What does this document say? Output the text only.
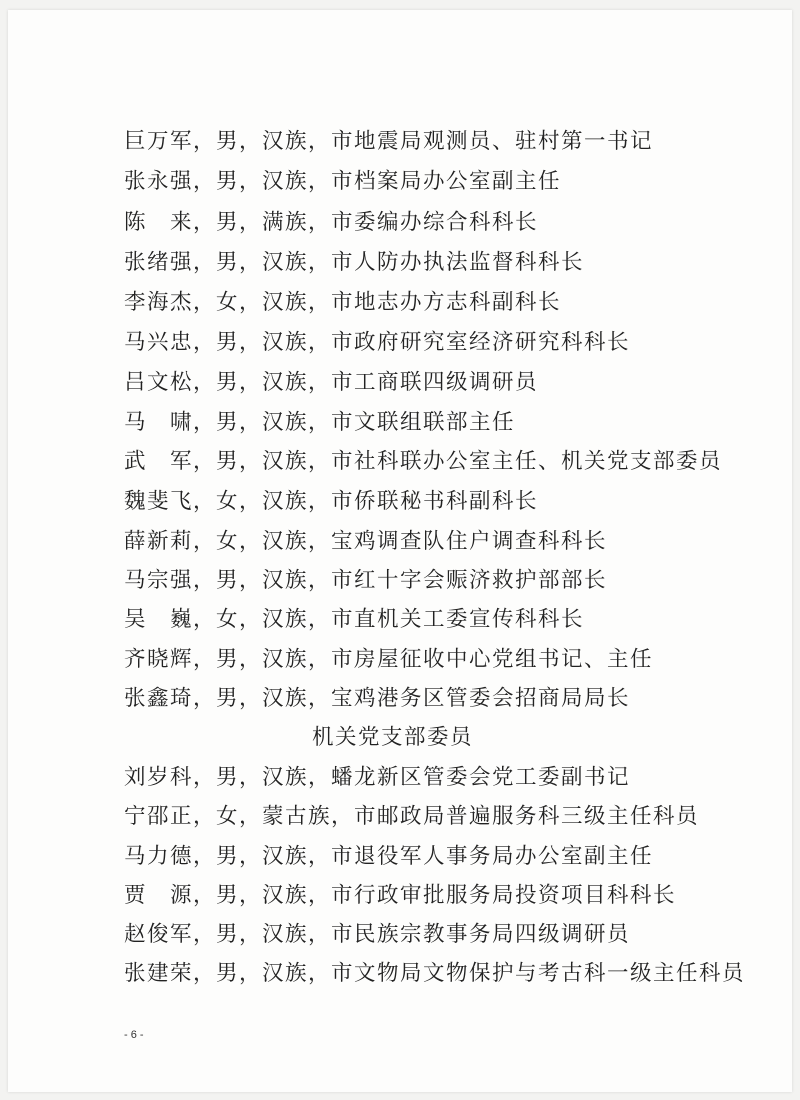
巨万军，男，汉族，市地震局观测员、驻村第一书记
张永强，男，汉族，市档案局办公室副主任
陈　来，男，满族，市委编办综合科科长
张绪强，男，汉族，市人防办执法监督科科长
李海杰，女，汉族，市地志办方志科副科长
马兴忠，男，汉族，市政府研究室经济研究科科长
吕文松，男，汉族，市工商联四级调研员
马　啸，男，汉族，市文联组联部主任
武　军，男，汉族，市社科联办公室主任、机关党支部委员
魏斐飞，女，汉族，市侨联秘书科副科长
薛新莉，女，汉族，宝鸡调查队住户调查科科长
马宗强，男，汉族，市红十字会赈济救护部部长
吴　巍，女，汉族，市直机关工委宣传科科长
齐晓辉，男，汉族，市房屋征收中心党组书记、主任
张鑫琦，男，汉族，宝鸡港务区管委会招商局局长
机关党支部委员
刘岁科，男，汉族，蟠龙新区管委会党工委副书记
宁邵正，女，蒙古族，市邮政局普遍服务科三级主任科员
马力德，男，汉族，市退役军人事务局办公室副主任
贾　源，男，汉族，市行政审批服务局投资项目科科长
赵俊军，男，汉族，市民族宗教事务局四级调研员
张建荣，男，汉族，市文物局文物保护与考古科一级主任科员
- 6 -
